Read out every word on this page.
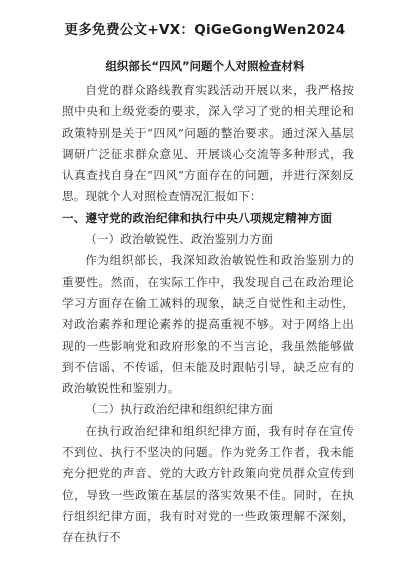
更多免费公文+VX：QiGeGongWen2024
组织部长“四风”问题个人对照检查材料

自党的群众路线教育实践活动开展以来，我严格按照中央和上级党委的要求，深入学习了党的相关理论和政策特别是关于“四风”问题的整治要求。通过深入基层调研广泛征求群众意见、开展谈心交流等多种形式，我认真查找自身在“四风”方面存在的问题，并进行深刻反思。现就个人对照检查情况汇报如下：

一、遵守党的政治纪律和执行中央八项规定精神方面
（一）政治敏锐性、政治鉴别力方面

作为组织部长，我深知政治敏锐性和政治鉴别力的重要性。然而，在实际工作中，我发现自己在政治理论学习方面存在偷工减料的现象，缺乏自觉性和主动性，对政治素养和理论素养的提高重视不够。对于网络上出现的一些影响党和政府形象的不当言论，我虽然能够做到不信谣、不传谣，但未能及时跟帖引导，缺乏应有的政治敏锐性和鉴别力。

（二）执行政治纪律和组织纪律方面

在执行政治纪律和组织纪律方面，我有时存在宣传不到位、执行不坚决的问题。作为党务工作者，我未能充分把党的声音、党的大政方针政策向党员群众宣传到位，导致一些政策在基层的落实效果不佳。同时，在执行组织纪律方面，我有时对党的一些政策理解不深刻，存在执行不
